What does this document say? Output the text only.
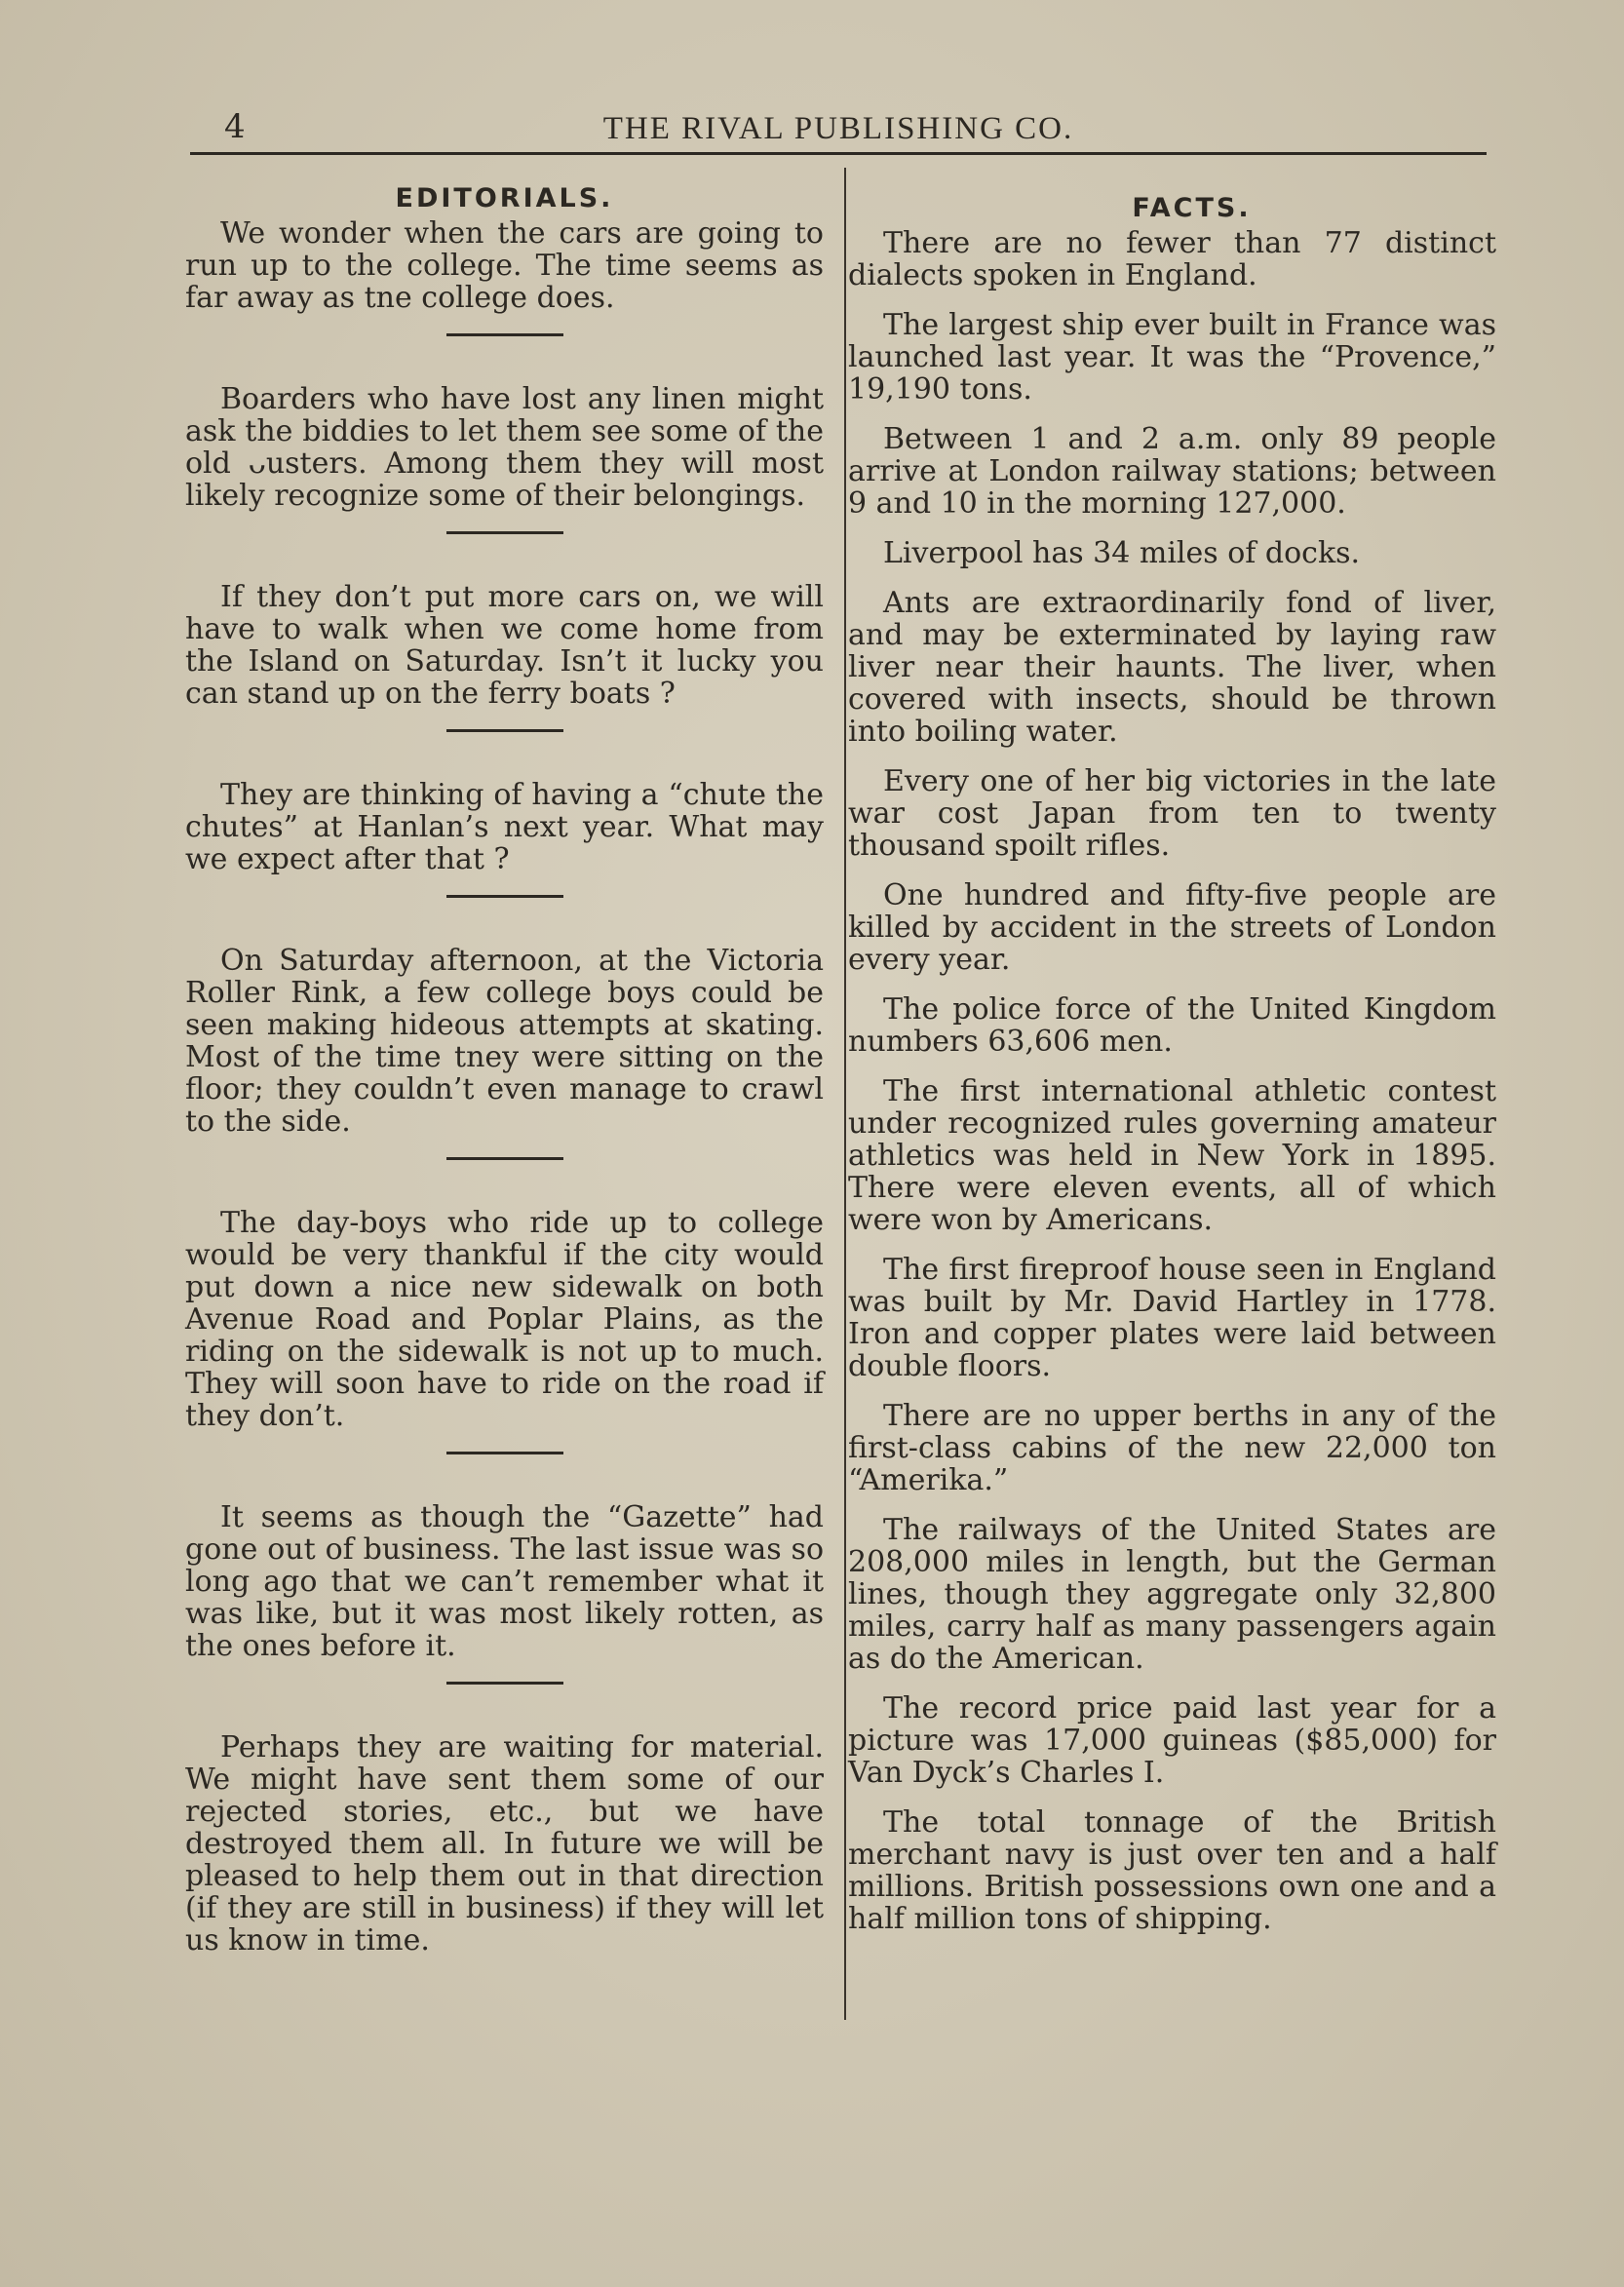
4	THE RIVAL PUBLISHING CO.
EDITORIALS.

We wonder when the cars are going to run up to the college. The time seems as far away as tne college does.

Boarders who have lost any linen might ask the biddies to let them see some of the old ᴗusters. Among them they will most likely recognize some of their belongings.

If they don’t put more cars on, we will have to walk when we come home from the Island on Saturday. Isn’t it lucky you can stand up on the ferry boats ?

They are thinking of having a “chute the chutes” at Hanlan’s next year. What may we expect after that ?

On Saturday afternoon, at the Victoria Roller Rink, a few college boys could be seen making hideous attempts at skating. Most of the time tney were sitting on the floor; they couldn’t even manage to crawl to the side.

The day-boys who ride up to college would be very thankful if the city would put down a nice new sidewalk on both Avenue Road and Poplar Plains, as the riding on the sidewalk is not up to much. They will soon have to ride on the road if they don’t.

It seems as though the “Gazette” had gone out of business. The last issue was so long ago that we can’t remember what it was like, but it was most likely rotten, as the ones before it.

Perhaps they are waiting for material. We might have sent them some of our rejected stories, etc., but we have destroyed them all. In future we will be pleased to help them out in that direction (if they are still in business) if they will let us know in time.

FACTS.

There are no fewer than 77 distinct dialects spoken in England.

The largest ship ever built in France was launched last year. It was the “Provence,” 19,190 tons.

Between 1 and 2 a.m. only 89 people arrive at London railway stations; between 9 and 10 in the morning 127,000.

Liverpool has 34 miles of docks.

Ants are extraordinarily fond of liver, and may be exterminated by laying raw liver near their haunts. The liver, when covered with insects, should be thrown into boiling water.

Every one of her big victories in the late war cost Japan from ten to twenty thousand spoilt rifles.

One hundred and fifty-five people are killed by accident in the streets of London every year.

The police force of the United Kingdom numbers 63,606 men.

The first international athletic contest under recognized rules governing amateur athletics was held in New York in 1895. There were eleven events, all of which were won by Americans.

The first fireproof house seen in England was built by Mr. David Hartley in 1778. Iron and copper plates were laid between double floors.

There are no upper berths in any of the first-class cabins of the new 22,000 ton “Amerika.”

The railways of the United States are 208,000 miles in length, but the German lines, though they aggregate only 32,800 miles, carry half as many passengers again as do the American.

The record price paid last year for a picture was 17,000 guineas ($85,000) for Van Dyck’s Charles I.

The total tonnage of the British merchant navy is just over ten and a half millions. British possessions own one and a half million tons of shipping.
